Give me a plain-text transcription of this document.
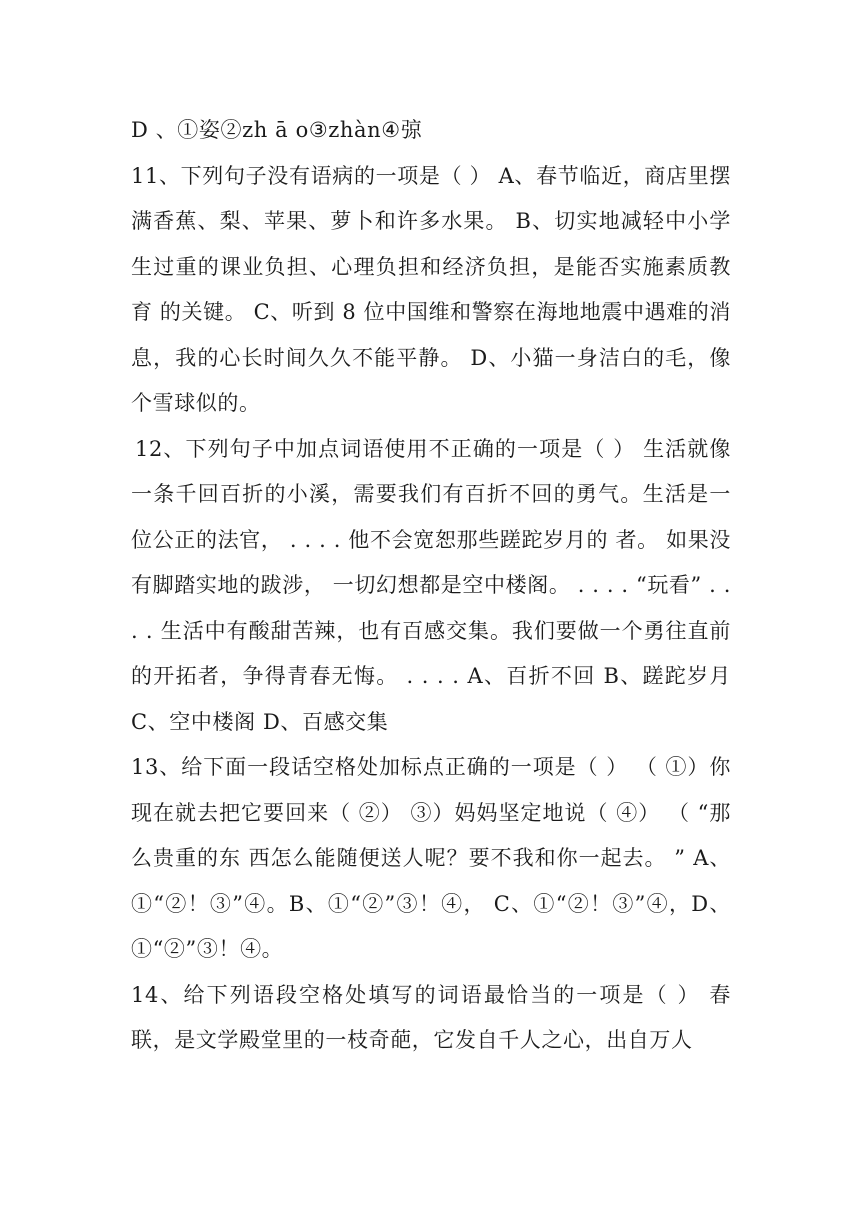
D 、①姿②zh ā o③zhàn④弶

11、下列句子没有语病的一项是（ ） A、春节临近，商店里摆满香蕉、梨、苹果、萝卜和许多水果。 B、切实地减轻中小学生过重的课业负担、心理负担和经济负担，是能否实施素质教育 的关键。 C、听到 8 位中国维和警察在海地地震中遇难的消息，我的心长时间久久不能平静。 D、小猫一身洁白的毛，像个雪球似的。

12、下列句子中加点词语使用不正确的一项是（ ） 生活就像一条千回百折的小溪，需要我们有百折不回的勇气。生活是一位公正的法官， . . . . 他不会宽恕那些蹉跎岁月的 者。 如果没有脚踏实地的跋涉， 一切幻想都是空中楼阁。 . . . . “玩看” . . . . 生活中有酸甜苦辣，也有百感交集。我们要做一个勇往直前的开拓者，争得青春无悔。 . . . . A、百折不回 B、蹉跎岁月 C、空中楼阁 D、百感交集

13、给下面一段话空格处加标点正确的一项是（ ） （ ①）你现在就去把它要回来（ ②） ③）妈妈坚定地说（ ④） （ “那么贵重的东 西怎么能随便送人呢？要不我和你一起去。 ” A、①“②！③”④。B、①“②”③！④， C、①“②！③”④，D、①“②”③！④。

14、给下列语段空格处填写的词语最恰当的一项是（ ） 春联，是文学殿堂里的一枝奇葩，它发自千人之心，出自万人
